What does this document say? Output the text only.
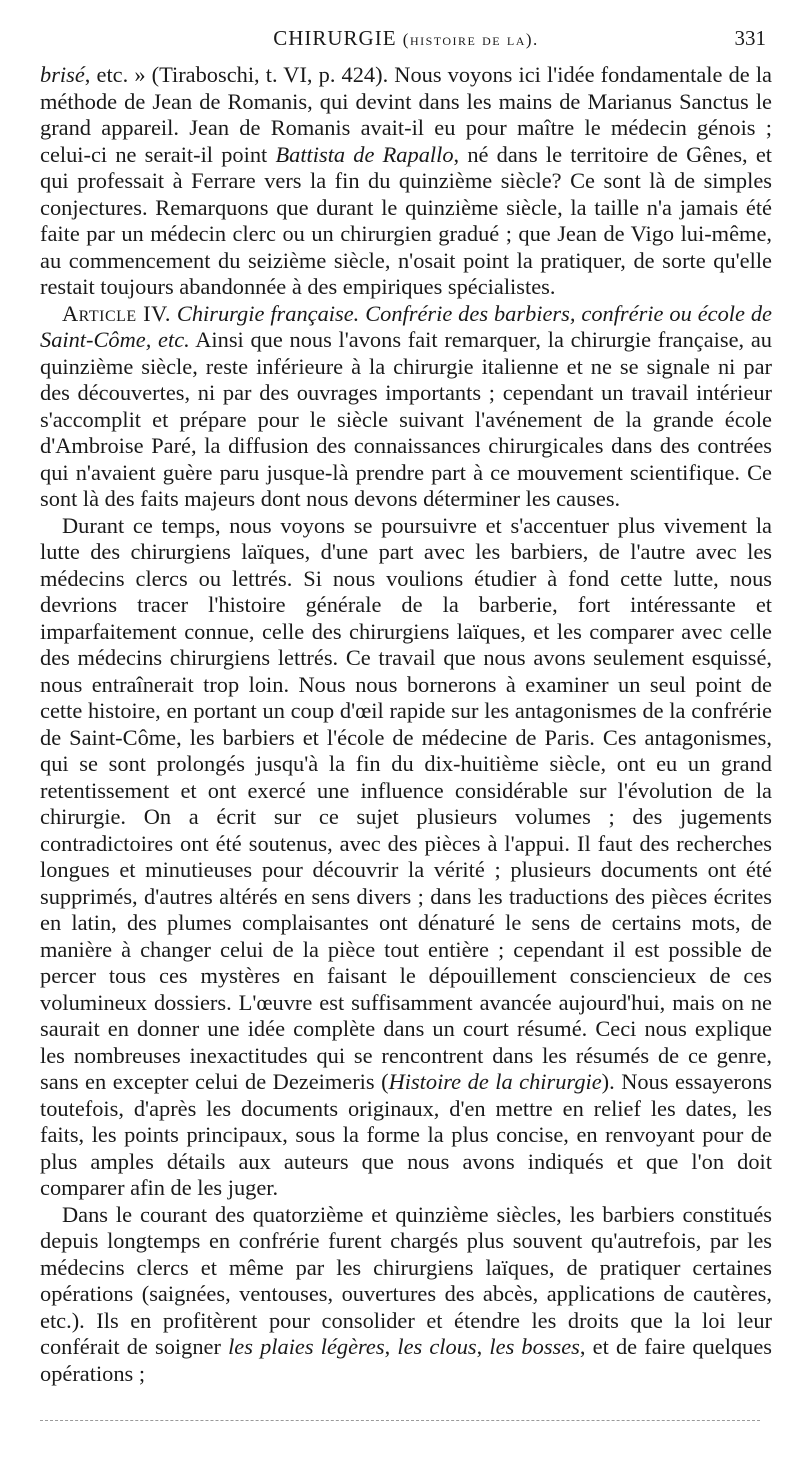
CHIRURGIE (histoire de la).	331

brisé, etc. » (Tiraboschi, t. VI, p. 424). Nous voyons ici l'idée fondamentale de la méthode de Jean de Romanis, qui devint dans les mains de Marianus Sanctus le grand appareil. Jean de Romanis avait-il eu pour maître le médecin génois ; celui-ci ne serait-il point Battista de Rapallo, né dans le territoire de Gênes, et qui professait à Ferrare vers la fin du quinzième siècle? Ce sont là de simples conjectures. Remarquons que durant le quinzième siècle, la taille n'a jamais été faite par un médecin clerc ou un chirurgien gradué ; que Jean de Vigo lui-même, au commencement du seizième siècle, n'osait point la pratiquer, de sorte qu'elle restait toujours abandonnée à des empiriques spécialistes.

Article IV. Chirurgie française. Confrérie des barbiers, confrérie ou école de Saint-Côme, etc. Ainsi que nous l'avons fait remarquer, la chirurgie française, au quinzième siècle, reste inférieure à la chirurgie italienne et ne se signale ni par des découvertes, ni par des ouvrages importants ; cependant un travail intérieur s'accomplit et prépare pour le siècle suivant l'avénement de la grande école d'Ambroise Paré, la diffusion des connaissances chirurgicales dans des contrées qui n'avaient guère paru jusque-là prendre part à ce mouvement scientifique. Ce sont là des faits majeurs dont nous devons déterminer les causes.

Durant ce temps, nous voyons se poursuivre et s'accentuer plus vivement la lutte des chirurgiens laïques, d'une part avec les barbiers, de l'autre avec les médecins clercs ou lettrés. Si nous voulions étudier à fond cette lutte, nous devrions tracer l'histoire générale de la barberie, fort intéressante et imparfaitement connue, celle des chirurgiens laïques, et les comparer avec celle des médecins chirurgiens lettrés. Ce travail que nous avons seulement esquissé, nous entraînerait trop loin. Nous nous bornerons à examiner un seul point de cette histoire, en portant un coup d'œil rapide sur les antagonismes de la confrérie de Saint-Côme, les barbiers et l'école de médecine de Paris. Ces antagonismes, qui se sont prolongés jusqu'à la fin du dix-huitième siècle, ont eu un grand retentissement et ont exercé une influence considérable sur l'évolution de la chirurgie. On a écrit sur ce sujet plusieurs volumes ; des jugements contradictoires ont été soutenus, avec des pièces à l'appui. Il faut des recherches longues et minutieuses pour découvrir la vérité ; plusieurs documents ont été supprimés, d'autres altérés en sens divers ; dans les traductions des pièces écrites en latin, des plumes complaisantes ont dénaturé le sens de certains mots, de manière à changer celui de la pièce tout entière ; cependant il est possible de percer tous ces mystères en faisant le dépouillement consciencieux de ces volumineux dossiers. L'œuvre est suffisamment avancée aujourd'hui, mais on ne saurait en donner une idée complète dans un court résumé. Ceci nous explique les nombreuses inexactitudes qui se rencontrent dans les résumés de ce genre, sans en excepter celui de Dezeimeris (Histoire de la chirurgie). Nous essayerons toutefois, d'après les documents originaux, d'en mettre en relief les dates, les faits, les points principaux, sous la forme la plus concise, en renvoyant pour de plus amples détails aux auteurs que nous avons indiqués et que l'on doit comparer afin de les juger.

Dans le courant des quatorzième et quinzième siècles, les barbiers constitués depuis longtemps en confrérie furent chargés plus souvent qu'autrefois, par les médecins clercs et même par les chirurgiens laïques, de pratiquer certaines opérations (saignées, ventouses, ouvertures des abcès, applications de cautères, etc.). Ils en profitèrent pour consolider et étendre les droits que la loi leur conférait de soigner les plaies légères, les clous, les bosses, et de faire quelques opérations ;
